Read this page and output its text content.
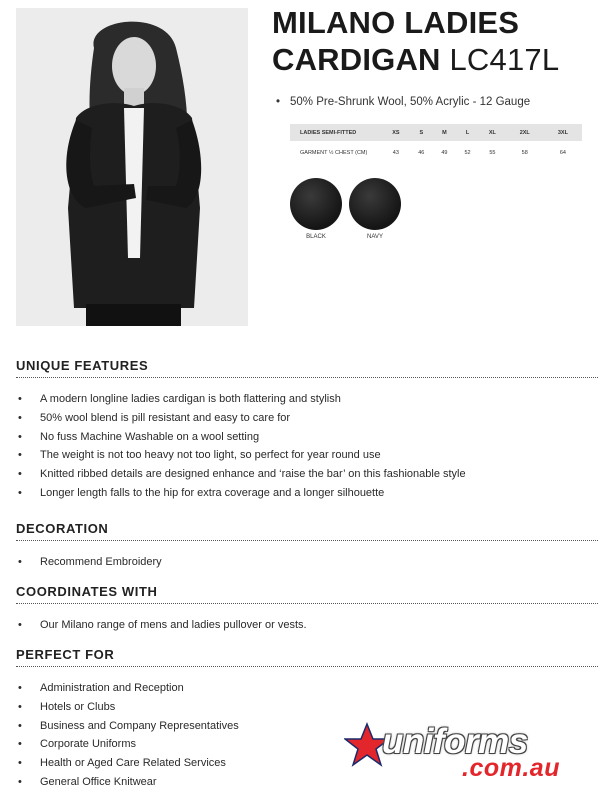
MILANO LADIES
CARDIGAN LC417L
• 50% Pre-Shrunk Wool, 50% Acrylic - 12 Gauge
LADIES SEMI-FITTED	XS	S	M	L	XL	2XL	3XL
GARMENT ½ CHEST (CM)	43	46	49	52	55	58	64
BLACK	NAVY
UNIQUE FEATURES
• A modern longline ladies cardigan is both flattering and stylish
• 50% wool blend is pill resistant and easy to care for
• No fuss Machine Washable on a wool setting
• The weight is not too heavy not too light, so perfect for year round use
• Knitted ribbed details are designed enhance and ‘raise the bar’ on this fashionable style
• Longer length falls to the hip for extra coverage and a longer silhouette
DECORATION
• Recommend Embroidery
COORDINATES WITH
• Our Milano range of mens and ladies pullover or vests.
PERFECT FOR
• Administration and Reception
• Hotels or Clubs
• Business and Company Representatives
• Corporate Uniforms
• Health or Aged Care Related Services
• General Office Knitwear
uniforms
.com.au
